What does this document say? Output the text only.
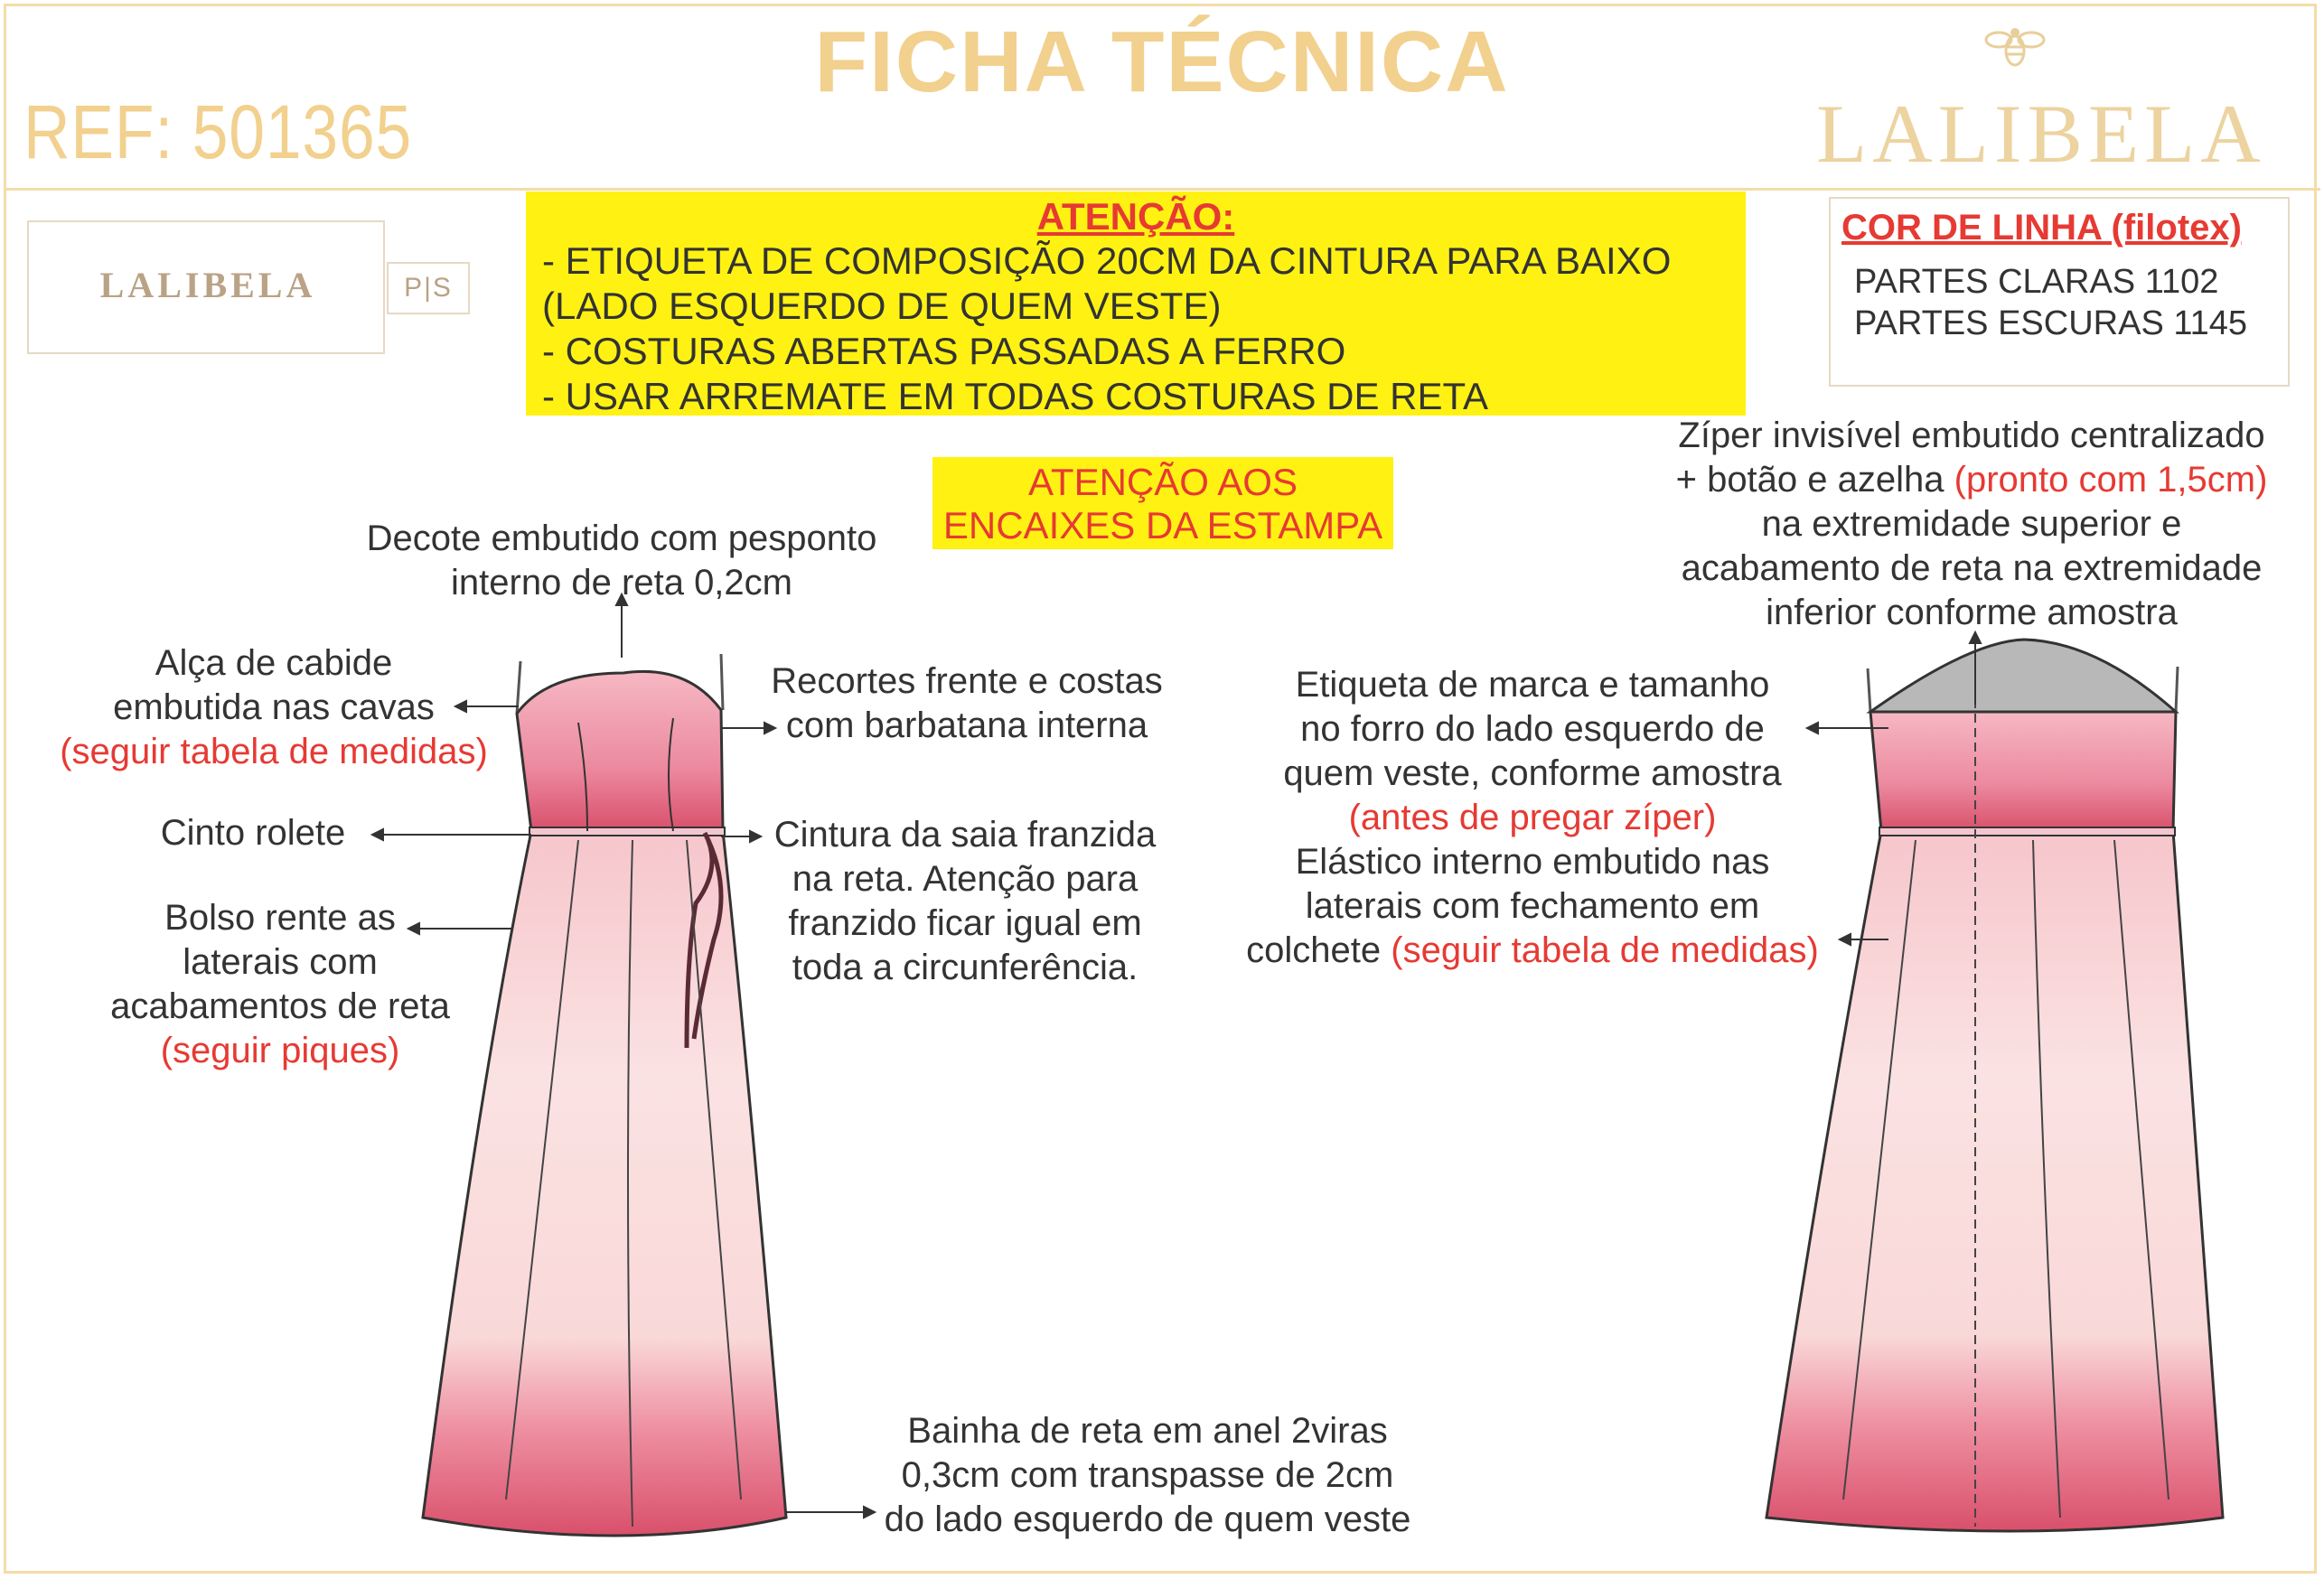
FICHA TÉCNICA
REF: 501365	LALIBELA
LALIBELA	P|S
ATENÇÃO:
- ETIQUETA DE COMPOSIÇÃO 20CM DA CINTURA PARA BAIXO
(LADO ESQUERDO DE QUEM VESTE)
- COSTURAS ABERTAS PASSADAS A FERRO
- USAR ARREMATE EM TODAS COSTURAS DE RETA
COR DE LINHA (filotex)
PARTES CLARAS 1102
PARTES ESCURAS 1145
ATENÇÃO AOS
ENCAIXES DA ESTAMPA
Decote embutido com pesponto
interno de reta 0,2cm
Alça de cabide
embutida nas cavas
(seguir tabela de medidas)
Recortes frente e costas
com barbatana interna
Cinto rolete	Cintura da saia franzida
na reta. Atenção para
franzido ficar igual em
toda a circunferência.
Bolso rente as
laterais com
acabamentos de reta
(seguir piques)
Bainha de reta em anel 2viras
0,3cm com transpasse de 2cm
do lado esquerdo de quem veste
Zíper invisível embutido centralizado
+ botão e azelha (pronto com 1,5cm)
na extremidade superior e
acabamento de reta na extremidade
inferior conforme amostra
Etiqueta de marca e tamanho
no forro do lado esquerdo de
quem veste, conforme amostra
(antes de pregar zíper)
Elástico interno embutido nas
laterais com fechamento em
colchete (seguir tabela de medidas)
